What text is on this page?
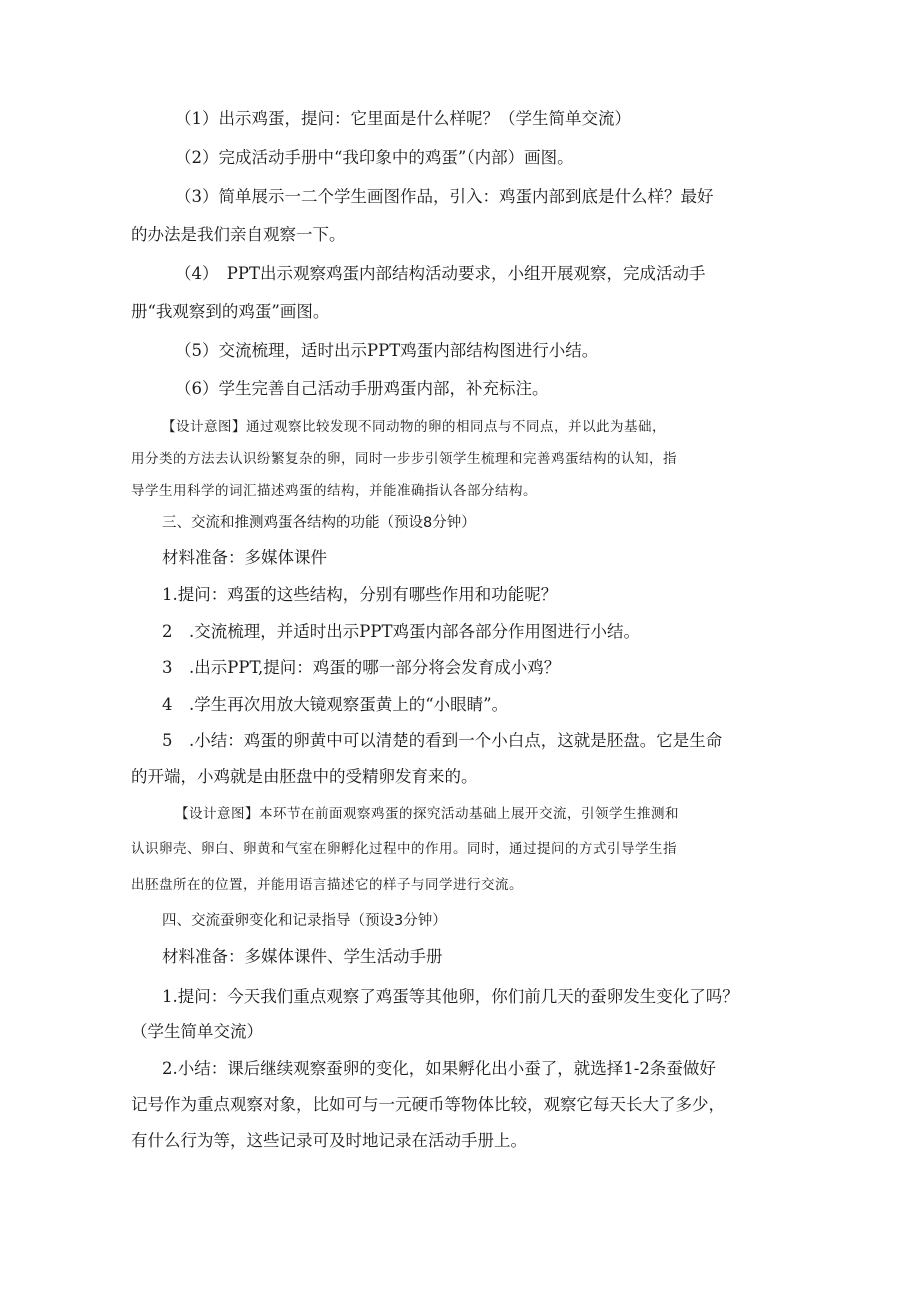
（1）出示鸡蛋，提问：它里面是什么样呢？（学生简单交流）
（2）完成活动手册中“我印象中的鸡蛋”（内部）画图。
（3）简单展示一二个学生画图作品，引入：鸡蛋内部到底是什么样？最好
的办法是我们亲自观察一下。
（4）　PPT出示观察鸡蛋内部结构活动要求，小组开展观察，完成活动手
册“我观察到的鸡蛋”画图。
（5）交流梳理，适时出示PPT鸡蛋内部结构图进行小结。
（6）学生完善自己活动手册鸡蛋内部，补充标注。
【设计意图】通过观察比较发现不同动物的卵的相同点与不同点，并以此为基础，
用分类的方法去认识纷繁复杂的卵，同时一步步引领学生梳理和完善鸡蛋结构的认知，指
导学生用科学的词汇描述鸡蛋的结构，并能准确指认各部分结构。
三、交流和推测鸡蛋各结构的功能（预设8分钟）
材料准备：多媒体课件
1.提问：鸡蛋的这些结构，分别有哪些作用和功能呢？
2　.交流梳理，并适时出示PPT鸡蛋内部各部分作用图进行小结。
3　.出示PPT,提问：鸡蛋的哪一部分将会发育成小鸡？
4　.学生再次用放大镜观察蛋黄上的“小眼睛”。
5　.小结：鸡蛋的卵黄中可以清楚的看到一个小白点，这就是胚盘。它是生命
的开端，小鸡就是由胚盘中的受精卵发育来的。
【设计意图】本环节在前面观察鸡蛋的探究活动基础上展开交流，引领学生推测和
认识卵壳、卵白、卵黄和气室在卵孵化过程中的作用。同时，通过提问的方式引导学生指
出胚盘所在的位置，并能用语言描述它的样子与同学进行交流。
四、交流蚕卵变化和记录指导（预设3分钟）
材料准备：多媒体课件、学生活动手册
1.提问：今天我们重点观察了鸡蛋等其他卵，你们前几天的蚕卵发生变化了吗？
（学生简单交流）
2.小结：课后继续观察蚕卵的变化，如果孵化出小蚕了，就选择1-2条蚕做好
记号作为重点观察对象，比如可与一元硬币等物体比较，观察它每天长大了多少，
有什么行为等，这些记录可及时地记录在活动手册上。
